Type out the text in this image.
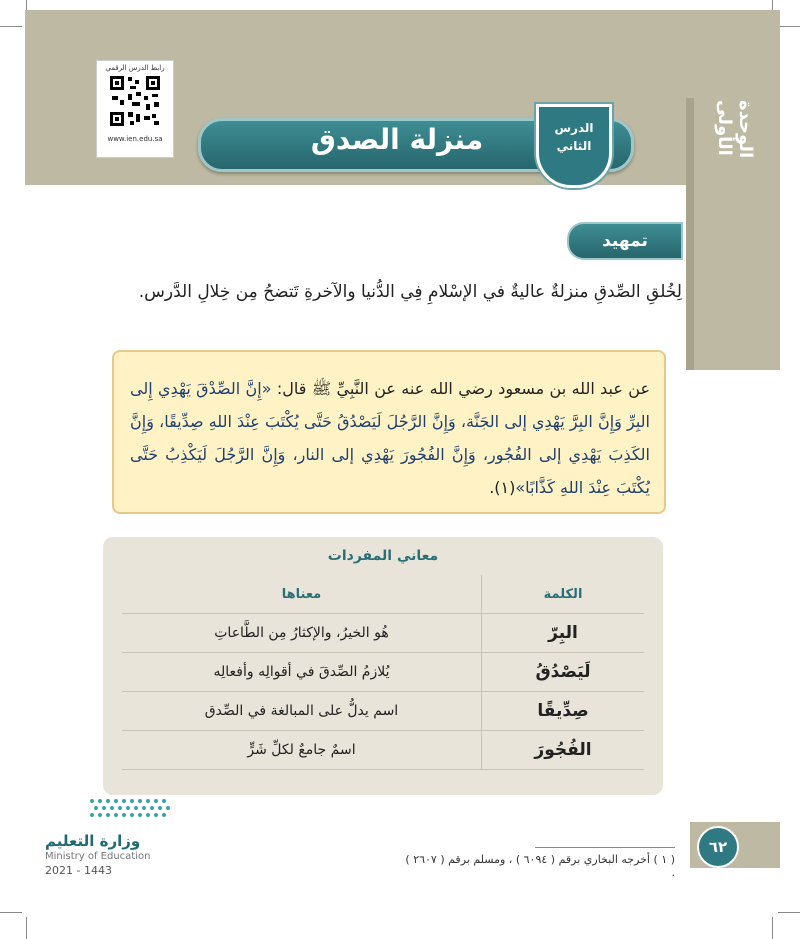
الوحدة الأولى
رابط الدرس الرقمي
www.ien.edu.sa	منزلة الصدق	الدرس
الثاني
تمهيد
لِخُلقِ الصِّدقِ منزلةٌ عاليةٌ في الإسْلامِ فِي الدُّنيا والآخرةِ تَتضحُ مِن خِلالِ الدَّرس.
عن عبد الله بن مسعود رضي الله عنه عن النَّبِيِّ ﷺ قال: «إِنَّ الصِّدْقَ يَهْدِي إِلى البِرِّ وَإِنَّ البِرَّ يَهْدِي إلى الجَنَّة، وَإِنَّ الرَّجُلَ لَيَصْدُقُ حَتَّى يُكْتَبَ عِنْدَ اللهِ صِدِّيقًا، وَإِنَّ الكَذِبَ يَهْدِي إلى الفُجُور، وَإِنَّ الفُجُورَ يَهْدِي إلى النار، وَإِنَّ الرَّجُلَ لَيَكْذِبُ حَتَّى يُكْتَبَ عِنْدَ اللهِ كَذَّابًا»(١).
معاني المفردات
الكلمة	معناها
البِرّ	هُو الخيرُ، والإكثارُ مِن الطَّاعاتِ
لَيَصْدُقُ	يُلازمُ الصِّدقَ في أقوالِه وأفعالِه
صِدِّيقًا	اسم يدلُّ على المبالغة في الصِّدق
الفُجُورَ	اسمٌ جامعٌ لكلِّ شَرٍّ
وزارة التعليم
Ministry of Education
2021 - 1443
( ١ ) أخرجه البخاري برقم ( ٦٠٩٤ ) ، ومسلم برقم ( ٢٦٠٧ ) .
٦٢
